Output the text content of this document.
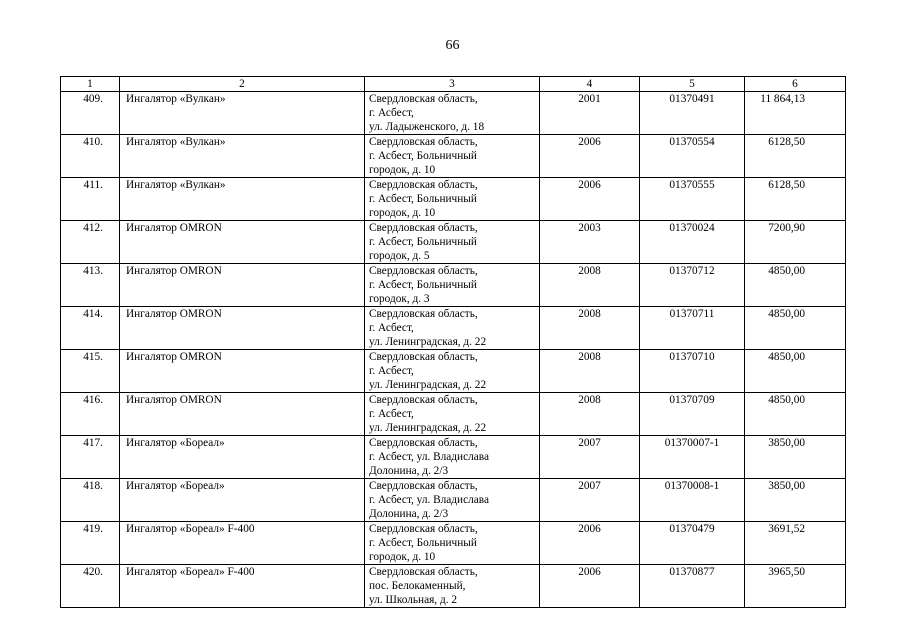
66
1	2	3	4	5	6
409.	Ингалятор «Вулкан»	Свердловская область,
г. Асбест,
ул. Ладыженского, д. 18	2001	01370491	11 864,13
410.	Ингалятор «Вулкан»	Свердловская область,
г. Асбест, Больничный
городок, д. 10	2006	01370554	6128,50
411.	Ингалятор «Вулкан»	Свердловская область,
г. Асбест, Больничный
городок, д. 10	2006	01370555	6128,50
412.	Ингалятор OMRON	Свердловская область,
г. Асбест, Больничный
городок, д. 5	2003	01370024	7200,90
413.	Ингалятор OMRON	Свердловская область,
г. Асбест, Больничный
городок, д. 3	2008	01370712	4850,00
414.	Ингалятор OMRON	Свердловская область,
г. Асбест,
ул. Ленинградская, д. 22	2008	01370711	4850,00
415.	Ингалятор OMRON	Свердловская область,
г. Асбест,
ул. Ленинградская, д. 22	2008	01370710	4850,00
416.	Ингалятор OMRON	Свердловская область,
г. Асбест,
ул. Ленинградская, д. 22	2008	01370709	4850,00
417.	Ингалятор «Бореал»	Свердловская область,
г. Асбест, ул. Владислава
Долонина, д. 2/3	2007	01370007-1	3850,00
418.	Ингалятор «Бореал»	Свердловская область,
г. Асбест, ул. Владислава
Долонина, д. 2/3	2007	01370008-1	3850,00
419.	Ингалятор «Бореал» F-400	Свердловская область,
г. Асбест, Больничный
городок, д. 10	2006	01370479	3691,52
420.	Ингалятор «Бореал» F-400	Свердловская область,
пос. Белокаменный,
ул. Школьная, д. 2	2006	01370877	3965,50
